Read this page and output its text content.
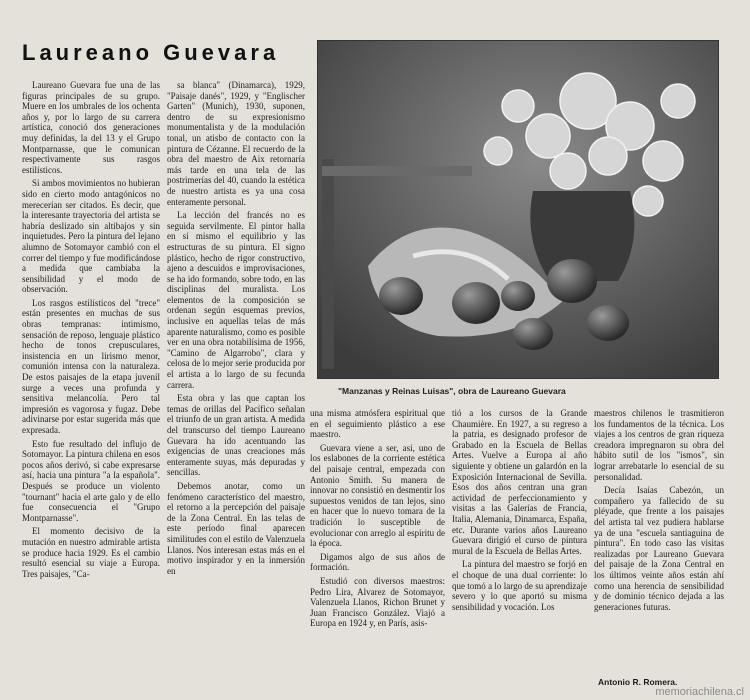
Laureano Guevara

Laureano Guevara fue una de las figuras principales de su grupo. Muere en los umbrales de los ochenta años y, por lo largo de su carrera artística, conoció dos generaciones muy definidas, la del 13 y el Grupo Montparnasse, que le comunican respectivamente sus rasgos estilísticos.

Si ambos movimientos no hubieran sido en cierto modo antagónicos no merecerían ser citados. Es decir, que la interesante trayectoria del artista se habría deslizado sin altibajos y sin inquietudes. Pero la pintura del lejano alumno de Sotomayor cambió con el correr del tiempo y fue modificándose a medida que cambiaba la sensibilidad y el modo de observación.

Los rasgos estilísticos del "trece" están presentes en muchas de sus obras tempranas: intimismo, sensación de reposo, lenguaje plástico hecho de tonos crepusculares, insistencia en un lirismo menor, comunión intensa con la naturaleza. De estos paisajes de la etapa juvenil surge a veces una profunda y sensitiva melancolía. Pero tal impresión es vagorosa y fugaz. Debe adivinarse por estar sugerida más que expresada.

Esto fue resultado del influjo de Sotomayor. La pintura chilena en esos pocos años derivó, si cabe expresarse así, hacia una pintura "a la española". Después se produce un violento "tournant" hacia el arte galo y de ello fue consecuencia el "Grupo Montparnasse".

El momento decisivo de la mutación en nuestro admirable artista se produce hacia 1929. Es el cambio resultó esencial su viaje a Europa. Tres paisajes, "Ca-

sa blanca" (Dinamarca), 1929, "Paisaje danés", 1929, y "Englischer Garten" (Munich), 1930, suponen, dentro de su expresionismo monumentalista y de la modulación tonal, un atisbo de contacto con la pintura de Cézanne. El recuerdo de la obra del maestro de Aix retornaría más tarde en una tela de las postrimerías del 40, cuando la estética de nuestro artista es ya una cosa enteramente personal.

La lección del francés no es seguida servilmente. El pintor halla en sí mismo el equilibrio y las estructuras de su pintura. El signo plástico, hecho de rigor constructivo, ajeno a descuidos e improvisaciones, se ha ido formando, sobre todo, en las disciplinas del muralista. Los elementos de la composición se ordenan según esquemas previos, inclusive en aquellas telas de más aparente naturalismo, como es posible ver en una obra notabilísima de 1956, "Camino de Algarrobo", clara y celosa de lo mejor serie producida por el artista a lo largo de su fecunda carrera.

Esta obra y las que captan los temas de orillas del Pacífico señalan el triunfo de un gran artista. A medida del transcurso del tiempo Laureano Guevara ha ido acentuando las exigencias de unas creaciones más enteramente suyas, más depuradas y sencillas.

Debemos anotar, como un fenómeno característico del maestro, el retorno a la percepción del paisaje de la Zona Central. En las telas de este período final aparecen similitudes con el estilo de Valenzuela Llanos. Nos interesan estas más en el motivo inspirador y en la inmersión en

una misma atmósfera espiritual que en el seguimiento plástico a ese maestro.

Guevara viene a ser, así, uno de los eslabones de la corriente estética del paisaje central, empezada con Antonio Smith. Su manera de innovar no consistió en desmentir los supuestos venidos de tan lejos, sino en hacer que lo nuevo tomara de la tradición lo susceptible de evolucionar con arreglo al espíritu de la época.

Digamos algo de sus años de formación.

Estudió con diversos maestros: Pedro Lira, Alvarez de Sotomayor, Valenzuela Llanos, Richon Brunet y Juan Francisco González. Viajó a Europa en 1924 y, en París, asis-

tió a los cursos de la Grande Chaumière. En 1927, a su regreso a la patria, es designado profesor de Grabado en la Escuela de Bellas Artes. Vuelve a Europa al año siguiente y obtiene un galardón en la Exposición Internacional de Sevilla. Esos dos años centran una gran actividad de perfeccionamiento y visitas a las Galerías de Francia, Italia, Alemania, Dinamarca, España, etc. Durante varios años Laureano Guevara dirigió el curso de pintura mural de la Escuela de Bellas Artes.

La pintura del maestro se forjó en el choque de una dual corriente: lo que tomó a lo largo de su aprendizaje severo y lo que aportó su misma sensibilidad y vocación. Los

maestros chilenos le trasmitieron los fundamentos de la técnica. Los viajes a los centros de gran riqueza creadora impregnaron su obra del hábito sutil de los "ismos", sin lograr arrebatarle lo esencial de su personalidad.

Decía Isaías Cabezón, un compañero ya fallecido de su pléyade, que frente a los paisajes del artista tal vez pudiera hablarse ya de una "escuela santiaguina de pintura". En todo caso las visitas realizadas por Laureano Guevara del paisaje de la Zona Central en los últimos veinte años están ahí como una herencia de sensibilidad y de dominio técnico dejada a las generaciones futuras.

"Manzanas y Reinas Luisas", obra de Laureano Guevara

Antonio R. Romera.

memoriachilena.cl
